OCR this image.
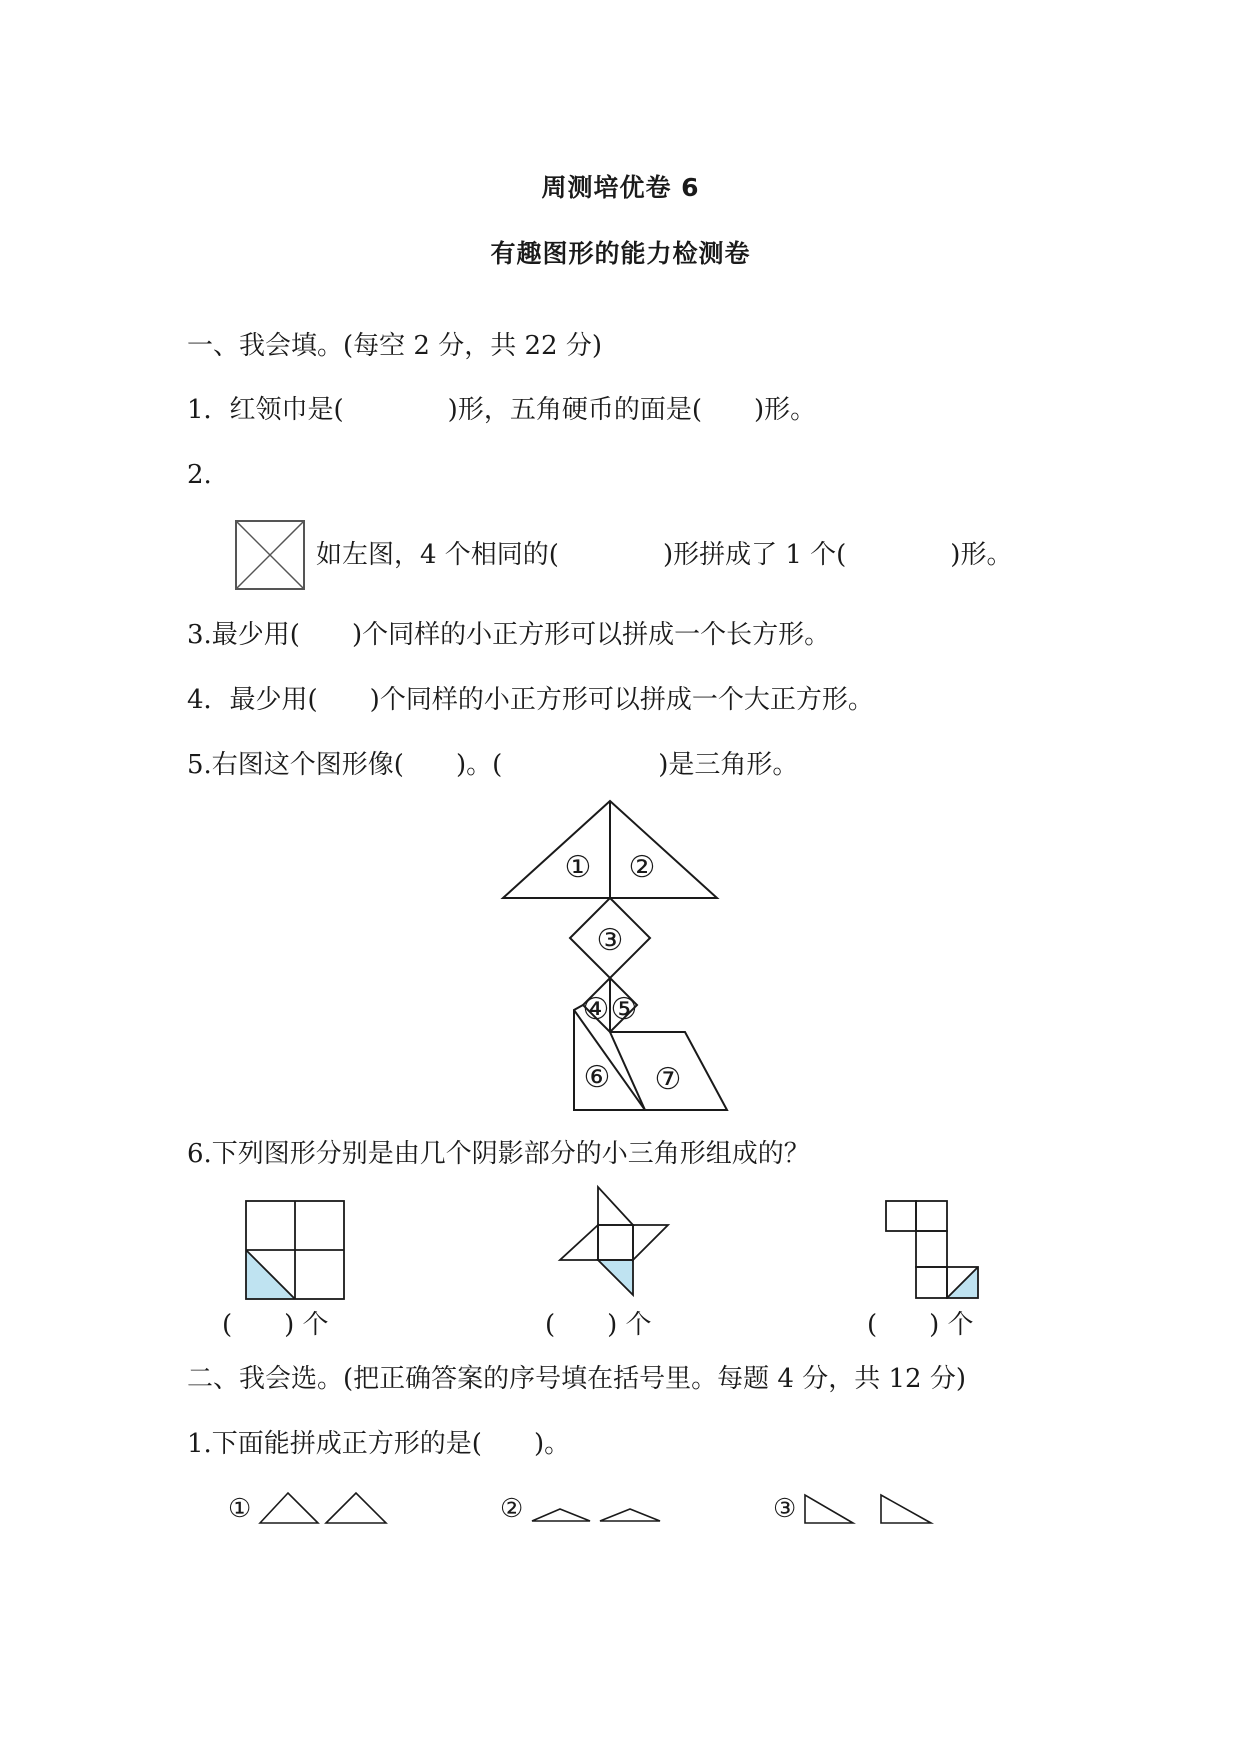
周测培优卷 6
有趣图形的能力检测卷
一、我会填。(每空 2 分，共 22 分)
1．红领巾是(　　　　)形，五角硬币的面是(　　)形。
2.
如左图，4 个相同的(　　　　)形拼成了 1 个(　　　　)形。
3.最少用(　　)个同样的小正方形可以拼成一个长方形。
4．最少用(　　)个同样的小正方形可以拼成一个大正方形。
5.右图这个图形像(　　)。(　　　　　　)是三角形。
① ②
③
④ ⑤
⑥ ⑦
6.下列图形分别是由几个阴影部分的小三角形组成的？
(　　) 个	(　　) 个	(　　) 个
二、我会选。(把正确答案的序号填在括号里。每题 4 分，共 12 分)
1.下面能拼成正方形的是(　　)。
①	②	③
